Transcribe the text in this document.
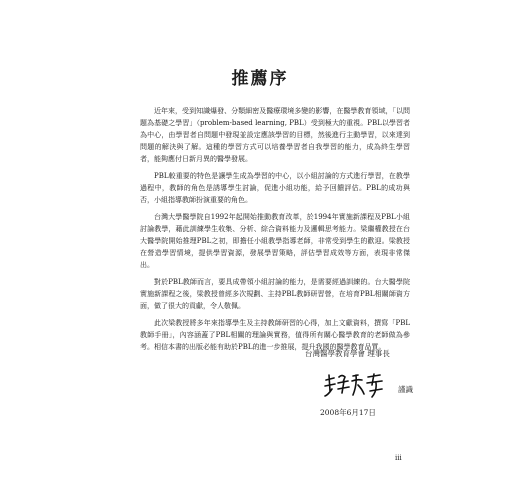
推薦序

近年來，受到知識爆發、分類細密及醫療環境多變的影響，在醫學教育領域，「以問題為基礎之學習」（problem-based learning, PBL）受到極大的重視。PBL以學習者為中心，由學習者自問題中發現並設定應該學習的目標，然後進行主動學習，以來達到問題的解決與了解。這種的學習方式可以培養學習者自我學習的能力，成為終生學習者，能夠應付日新月異的醫學發展。

PBL較重要的特色是讓學生成為學習的中心，以小組討論的方式進行學習，在教學過程中，教師的角色是誘導學生討論，促進小組功能，給予回饋評估。PBL的成功與否，小組指導教師扮演重要的角色。

台灣大學醫學院自1992年起開始推動教育改革，於1994年實施新課程及PBL小組討論教學，藉此訓練學生收集、分析、綜合資料能力及邏輯思考能力。梁繼權教授在台大醫學院開始推理PBL之初，即擔任小組教學指導老師，非常受到學生的歡迎。梁教授在營造學習情境，提供學習資源，發展學習策略，評估學習成效等方面，表現非常傑出。

對於PBL教師而言，要具成帶領小組討論的能力，是需要經過訓練的。台大醫學院實施新課程之後，梁教授曾經多次規劃、主持PBL教師研習營，在培育PBL相關師資方面，做了很大的貢獻，令人敬佩。

此次梁教授將多年來指導學生及主持教師研習的心得，加上文獻資料，撰寫「PBL教師手冊」，內容涵蓋了PBL相關的理論與實務，值得所有關心醫學教育的老師做為參考。相信本書的出版必能有助於PBL的進一步推展，提升我國的醫學教育品質。

台灣醫學教育學會 理事長
謹識
2008年6月17日
iii
